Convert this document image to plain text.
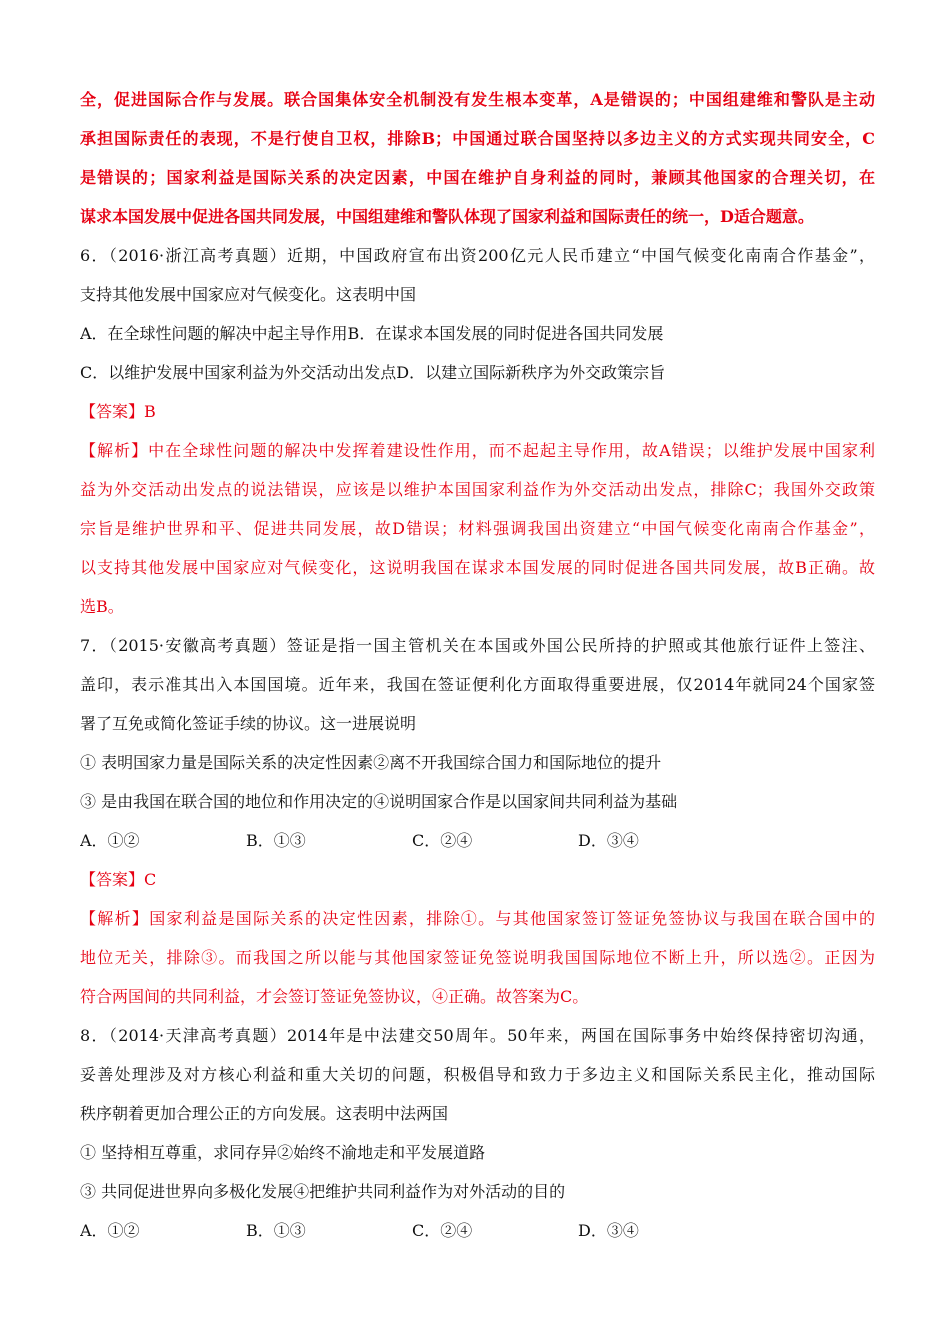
全，促进国际合作与发展。联合国集体安全机制没有发生根本变革，A是错误的；中国组建维和警队是主动
承担国际责任的表现，不是行使自卫权，排除B；中国通过联合国坚持以多边主义的方式实现共同安全，C
是错误的；国家利益是国际关系的决定因素，中国在维护自身利益的同时，兼顾其他国家的合理关切，在
谋求本国发展中促进各国共同发展，中国组建维和警队体现了国家利益和国际责任的统一，D适合题意。
6．（2016·浙江高考真题）近期，中国政府宣布出资200亿元人民币建立“中国气候变化南南合作基金”，
支持其他发展中国家应对气候变化。这表明中国
A．在全球性问题的解决中起主导作用B．在谋求本国发展的同时促进各国共同发展
C．以维护发展中国家利益为外交活动出发点D．以建立国际新秩序为外交政策宗旨
【答案】B
【解析】中在全球性问题的解决中发挥着建设性作用，而不起起主导作用，故A错误；以维护发展中国家利
益为外交活动出发点的说法错误，应该是以维护本国国家利益作为外交活动出发点，排除C；我国外交政策
宗旨是维护世界和平、促进共同发展，故D错误；材料强调我国出资建立“中国气候变化南南合作基金”，
以支持其他发展中国家应对气候变化，这说明我国在谋求本国发展的同时促进各国共同发展，故B正确。故
选B。
7．（2015·安徽高考真题）签证是指一国主管机关在本国或外国公民所持的护照或其他旅行证件上签注、
盖印，表示准其出入本国国境。近年来，我国在签证便利化方面取得重要进展，仅2014年就同24个国家签
署了互免或简化签证手续的协议。这一进展说明
① 表明国家力量是国际关系的决定性因素②离不开我国综合国力和国际地位的提升
③ 是由我国在联合国的地位和作用决定的④说明国家合作是以国家间共同利益为基础
A．①②	B．①③	C．②④	D．③④
【答案】C
【解析】国家利益是国际关系的决定性因素，排除①。与其他国家签订签证免签协议与我国在联合国中的
地位无关，排除③。而我国之所以能与其他国家签证免签说明我国国际地位不断上升，所以选②。正因为
符合两国间的共同利益，才会签订签证免签协议，④正确。故答案为C。
8．（2014·天津高考真题）2014年是中法建交50周年。50年来，两国在国际事务中始终保持密切沟通，
妥善处理涉及对方核心利益和重大关切的问题，积极倡导和致力于多边主义和国际关系民主化，推动国际
秩序朝着更加合理公正的方向发展。这表明中法两国
① 坚持相互尊重，求同存异②始终不渝地走和平发展道路
③ 共同促进世界向多极化发展④把维护共同利益作为对外活动的目的
A．①②	B．①③	C．②④	D．③④
